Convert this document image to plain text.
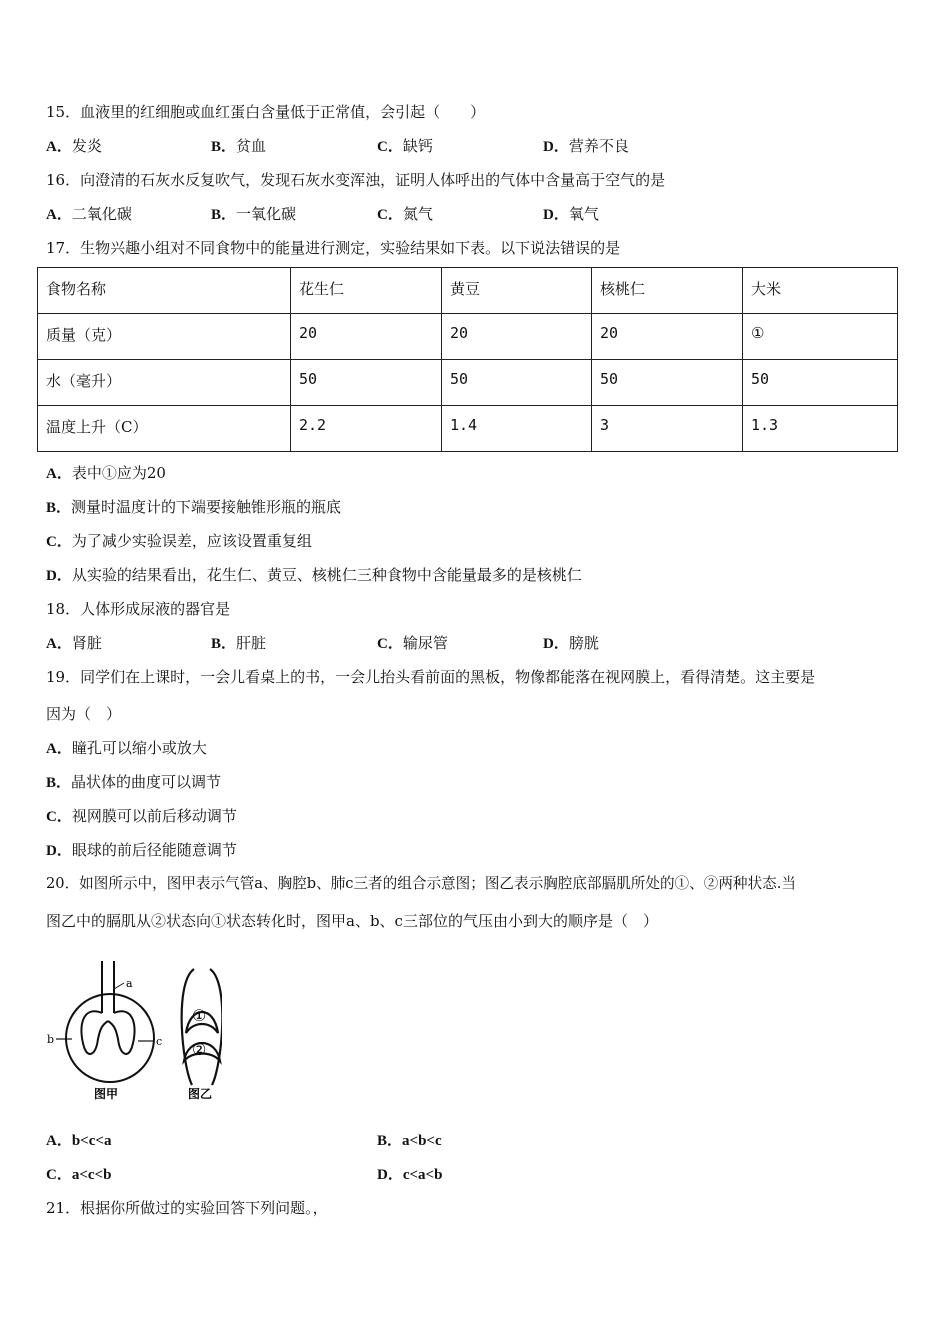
15．血液里的红细胞或血红蛋白含量低于正常值，会引起（　　）
A．发炎	B．贫血	C．缺钙	D．营养不良
16．向澄清的石灰水反复吹气，发现石灰水变浑浊，证明人体呼出的气体中含量高于空气的是
A．二氧化碳	B．一氧化碳	C．氮气	D．氧气
17．生物兴趣小组对不同食物中的能量进行测定，实验结果如下表。以下说法错误的是
食物名称	花生仁	黄豆	核桃仁	大米
质量（克）	20	20	20	①
水（毫升）	50	50	50	50
温度上升（C）	2.2	1.4	3	1.3
A．表中①应为20
B．测量时温度计的下端要接触锥形瓶的瓶底
C．为了减少实验误差，应该设置重复组
D．从实验的结果看出，花生仁、黄豆、核桃仁三种食物中含能量最多的是核桃仁
18．人体形成尿液的器官是
A．肾脏	B．肝脏	C．输尿管	D．膀胱
19．同学们在上课时，一会儿看桌上的书，一会儿抬头看前面的黑板，物像都能落在视网膜上，看得清楚。这主要是
因为（　）
A．瞳孔可以缩小或放大
B．晶状体的曲度可以调节
C．视网膜可以前后移动调节
D．眼球的前后径能随意调节
20．如图所示中，图甲表示气管a、胸腔b、肺c三者的组合示意图；图乙表示胸腔底部膈肌所处的①、②两种状态.当
图乙中的膈肌从②状态向①状态转化时，图甲a、b、c三部位的气压由小到大的顺序是（　）
a
b	c
图甲
①
②
图乙
A．b<c<a	B．a<b<c
C．a<c<b	D．c<a<b
21．根据你所做过的实验回答下列问题。，
